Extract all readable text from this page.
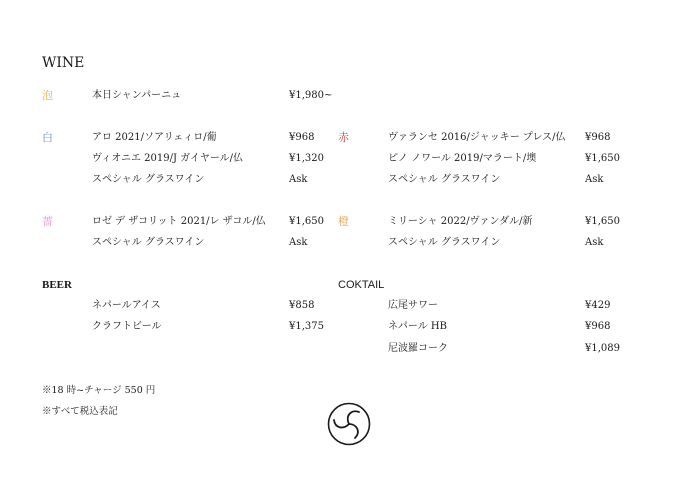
WINE
泡	本日シャンパーニュ	¥1,980~
白	アロ 2021/ソアリェィロ/葡	¥968
ヴィオニエ 2019/J ガイヤール/仏	¥1,320
スペシャル グラスワイン	Ask
赤	ヴァランセ 2016/ジャッキー プレス/仏 ¥968
ピノ ノワール 2019/マラート/墺	¥1,650
スペシャル グラスワイン	Ask
薔	ロゼ デ ザコリット 2021/レ ザコル/仏 ¥1,650
スペシャル グラスワイン	Ask
橙	ミリーシャ 2022/ヴァンダル/新	¥1,650
スペシャル グラスワイン	Ask
BEER
ネパールアイス	¥858
クラフトビール	¥1,375
COKTAIL
広尾サワー	¥429
ネパール HB	¥968
尼波羅コーク	¥1,089
※18 時~チャージ 550 円
※すべて税込表記
